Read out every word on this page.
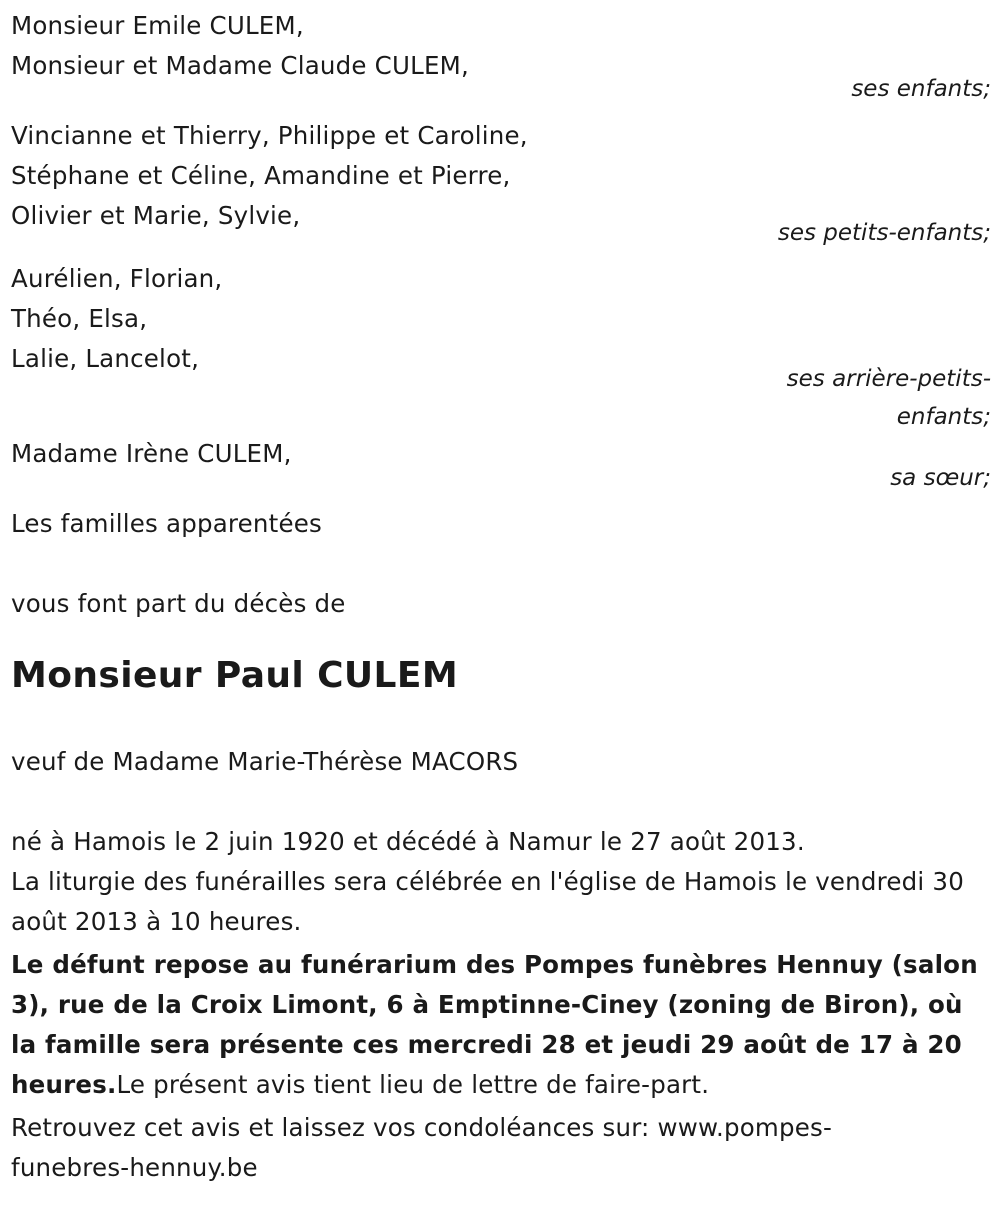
Monsieur Emile CULEM,
Monsieur et Madame Claude CULEM,
ses enfants;
Vincianne et Thierry, Philippe et Caroline,
Stéphane et Céline, Amandine et Pierre,
Olivier et Marie, Sylvie,
ses petits-enfants;
Aurélien, Florian,
Théo, Elsa,
Lalie, Lancelot,
ses arrière-petits-
enfants;
Madame Irène CULEM,
sa sœur;
Les familles apparentées
vous font part du décès de
Monsieur Paul CULEM
veuf de Madame Marie-Thérèse MACORS
né à Hamois le 2 juin 1920 et décédé à Namur le 27 août 2013.
La liturgie des funérailles sera célébrée en l'église de Hamois le vendredi 30 août 2013 à 10 heures.
Le défunt repose au funérarium des Pompes funèbres Hennuy (salon 3), rue de la Croix Limont, 6 à Emptinne-Ciney (zoning de Biron), où la famille sera présente ces mercredi 28 et jeudi 29 août de 17 à 20 heures.Le présent avis tient lieu de lettre de faire-part.
Retrouvez cet avis et laissez vos condoléances sur: www.pompes-funebres-hennuy.be
